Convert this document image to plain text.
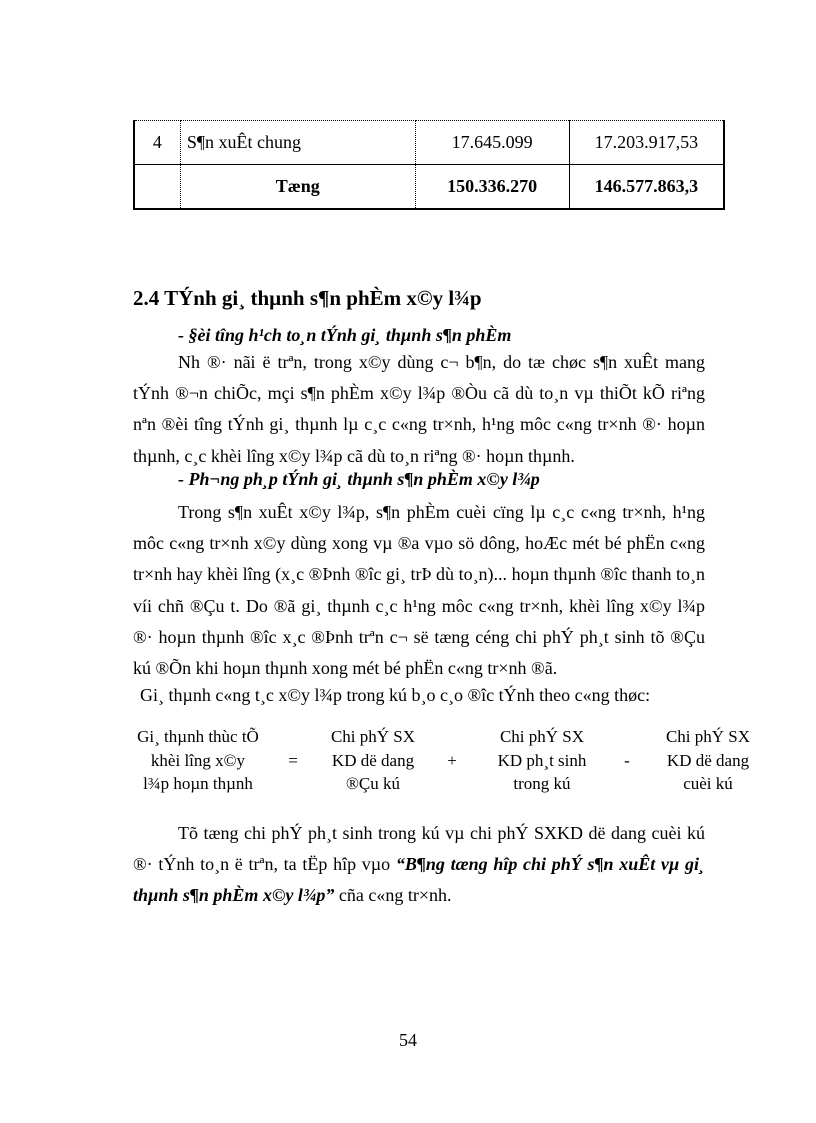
4	S¶n xuÊt chung	17.645.099	17.203.917,53
	Tæng	150.336.270	146.577.863,3
2.4 TÝnh gi¸ thµnh s¶n phÈm x©y l¾p

- §èi tîng h¹ch to¸n tÝnh gi¸ thµnh s¶n phÈm

Nh ®· nãi ë trªn, trong x©y dùng c¬ b¶n, do tæ chøc s¶n xuÊt mang tÝnh ®¬n chiÕc, mçi s¶n phÈm x©y l¾p ®Òu cã dù to¸n vµ thiÕt kÕ riªng nªn ®èi tîng tÝnh gi¸ thµnh lµ c¸c c«ng tr×nh, h¹ng môc c«ng tr×nh ®· hoµn thµnh, c¸c khèi lîng x©y l¾p cã dù to¸n riªng ®· hoµn thµnh.

- Ph¬ng ph¸p tÝnh gi¸ thµnh s¶n phÈm x©y l¾p

Trong s¶n xuÊt x©y l¾p, s¶n phÈm cuèi cïng lµ c¸c c«ng tr×nh, h¹ng môc c«ng tr×nh x©y dùng xong vµ ®a vµo sö dông, hoÆc mét bé phËn c«ng tr×nh hay khèi lîng (x¸c ®Þnh ®îc gi¸ trÞ dù to¸n)... hoµn thµnh ®îc thanh to¸n víi chñ ®Çu t. Do ®ã gi¸ thµnh c¸c h¹ng môc c«ng tr×nh, khèi lîng x©y l¾p ®· hoµn thµnh ®îc x¸c ®Þnh trªn c¬ së tæng céng chi phÝ ph¸t sinh tõ ®Çu kú ®Õn khi hoµn thµnh xong mét bé phËn c«ng tr×nh ®ã.

Gi¸ thµnh c«ng t¸c x©y l¾p trong kú b¸o c¸o ®îc tÝnh theo c«ng thøc:

Gi¸ thµnh thùc tÕ
khèi lîng x©y
l¾p hoµn thµnh
=
Chi phÝ SX
KD dë dang
®Çu kú
+
Chi phÝ SX
KD ph¸t sinh
trong kú
-
Chi phÝ SX
KD dë dang
cuèi kú

Tõ tæng chi phÝ ph¸t sinh trong kú vµ chi phÝ SXKD dë dang cuèi kú ®· tÝnh to¸n ë trªn, ta tËp hîp vµo “B¶ng tæng hîp chi phÝ s¶n xuÊt vµ gi¸ thµnh s¶n phÈm x©y l¾p” cña c«ng tr×nh.

54
